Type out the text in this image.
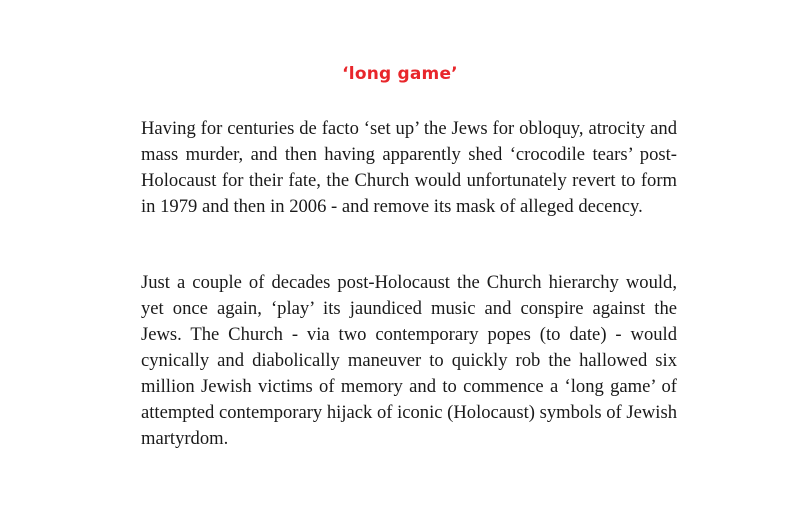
‘long game’

Having for centuries de facto ‘set up’ the Jews for obloquy, atrocity and mass murder, and then having apparently shed ‘crocodile tears’ post-Holocaust for their fate, the Church would unfortunately revert to form in 1979 and then in 2006 - and remove its mask of alleged decency.

Just a couple of decades post-Holocaust the Church hierarchy would, yet once again, ‘play’ its jaundiced music and conspire against the Jews. The Church - via two contemporary popes (to date) - would cynically and diabolically maneuver to quickly rob the hallowed six million Jewish victims of memory and to commence a ‘long game’ of attempted contemporary hijack of iconic (Holocaust) symbols of Jewish martyrdom.
